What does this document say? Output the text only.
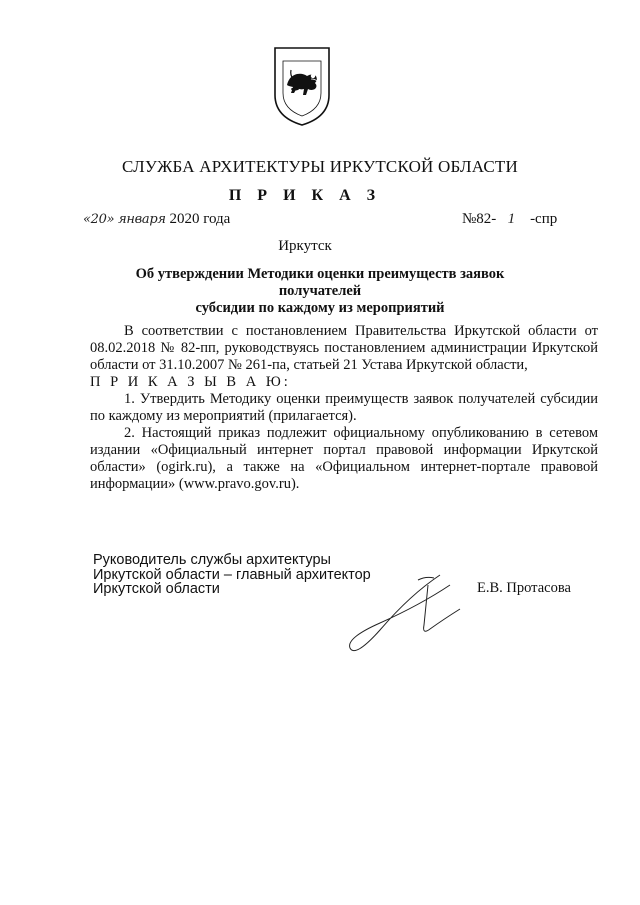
СЛУЖБА АРХИТЕКТУРЫ ИРКУТСКОЙ ОБЛАСТИ
П Р И К А З
«20» января 2020 года	№82- 1 -спр
Иркутск
Об утверждении Методики оценки преимуществ заявок получателей
субсидии по каждому из мероприятий

В соответствии с постановлением Правительства Иркутской области от 08.02.2018 № 82-пп, руководствуясь постановлением администрации Иркутской области от 31.10.2007 № 261-па, статьей 21 Устава Иркутской области,

П Р И К А З Ы В А Ю:

1. Утвердить Методику оценки преимуществ заявок получателей субсидии по каждому из мероприятий (прилагается).

2. Настоящий приказ подлежит официальному опубликованию в сетевом издании «Официальный интернет портал правовой информации Иркутской области» (ogirk.ru), а также на «Официальном интернет-портале правовой информации» (www.pravo.gov.ru).

Руководитель службы архитектуры
Иркутской области – главный архитектор
Иркутской области	Е.В. Протасова
